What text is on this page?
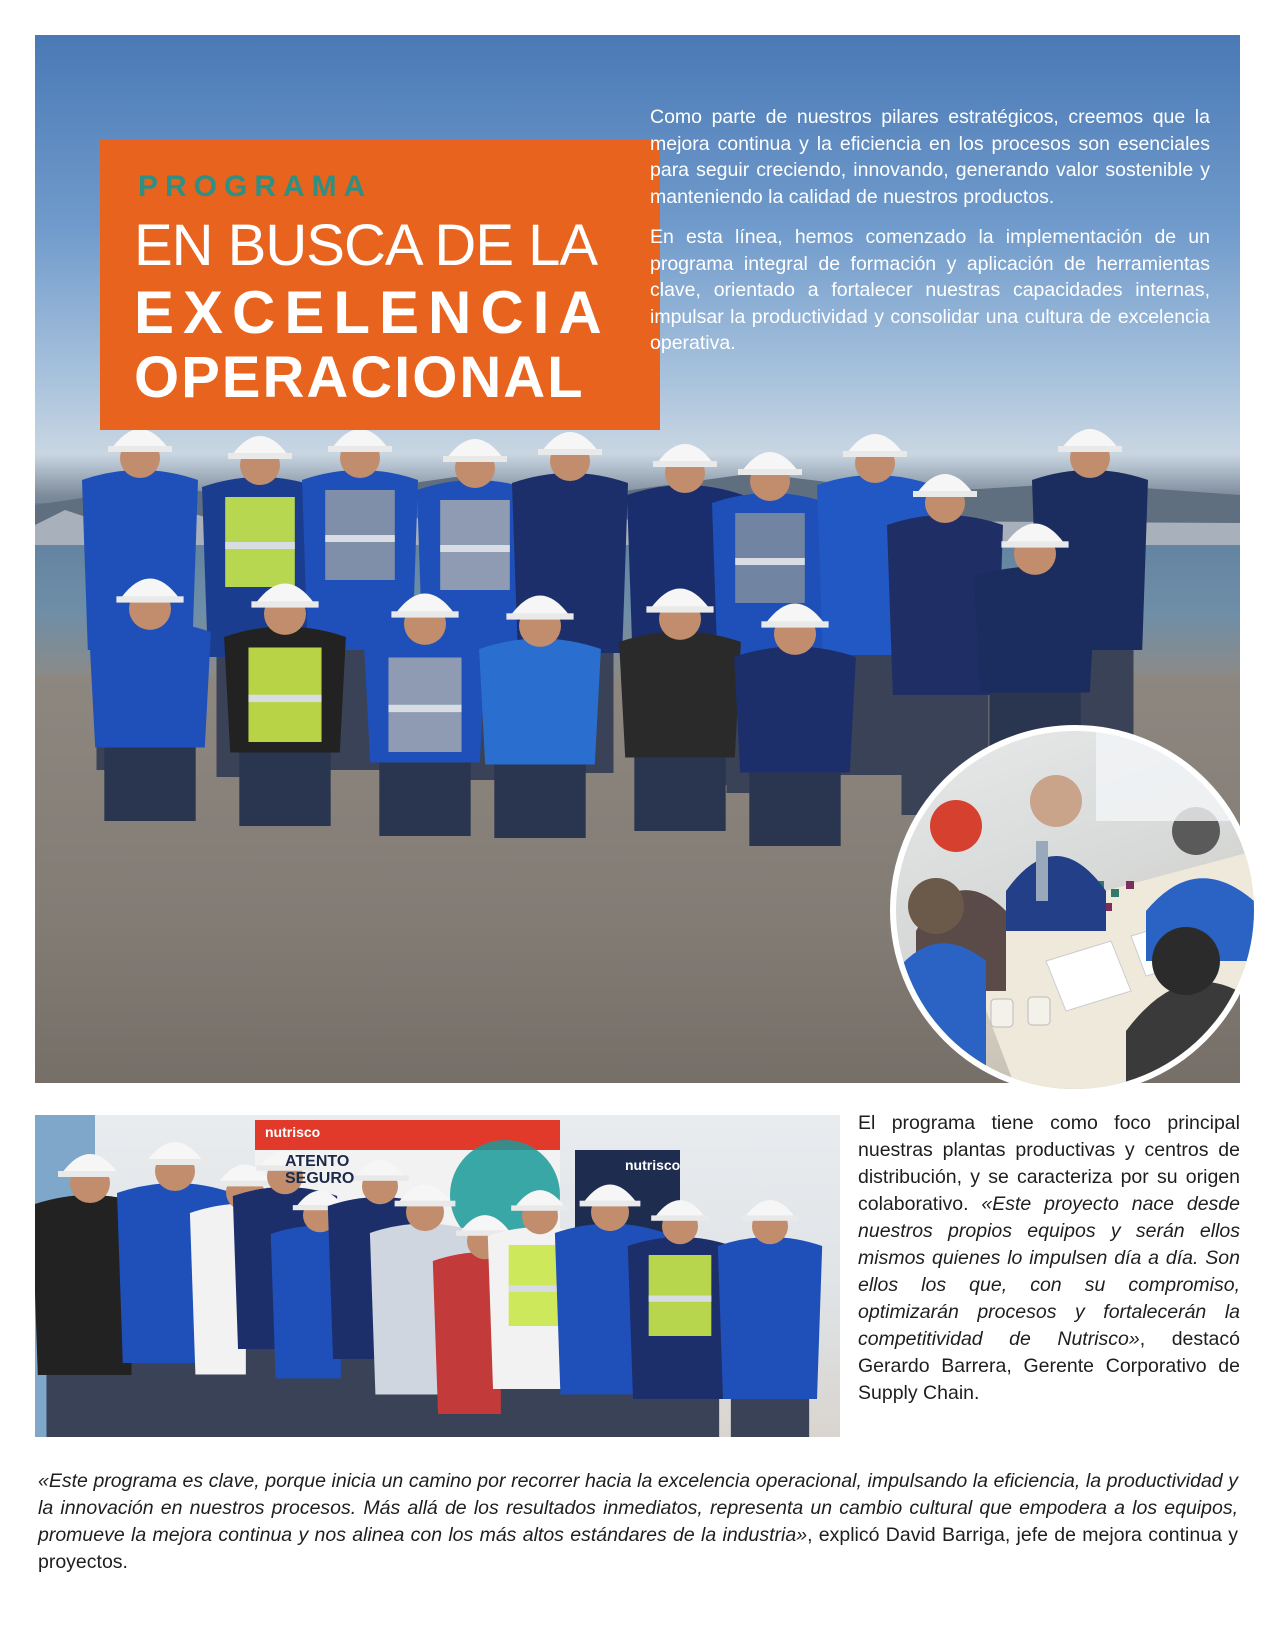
PROGRAMA
EN BUSCA DE LA
EXCELENCIA
OPERACIONAL

Como parte de nuestros pilares estratégicos, creemos que la mejora continua y la eficiencia en los procesos son esenciales para seguir creciendo, innovando, generando valor sostenible y manteniendo la calidad de nuestros productos.

En esta línea, hemos comenzado la implementación de un programa integral de formación y aplicación de herramientas clave, orientado a fortalecer nuestras capacidades internas, impulsar la productividad y consolidar una cultura de excelencia operativa.

nutrisco
ATENTO
SEGURO
nutrisco
El programa tiene como foco principal nuestras plantas productivas y centros de distribución, y se caracteriza por su origen colaborativo. «Este proyecto nace desde nuestros propios equipos y serán ellos mismos quienes lo impulsen día a día. Son ellos los que, con su compromiso, optimizarán procesos y fortalecerán la competitividad de Nutrisco», destacó Gerardo Barrera, Gerente Corporativo de Supply Chain.
«Este programa es clave, porque inicia un camino por recorrer hacia la excelencia operacional, impulsando la eficiencia, la productividad y la innovación en nuestros procesos. Más allá de los resultados inmediatos, representa un cambio cultural que empodera a los equipos, promueve la mejora continua y nos alinea con los más altos estándares de la industria», explicó David Barriga, jefe de mejora continua y proyectos.
